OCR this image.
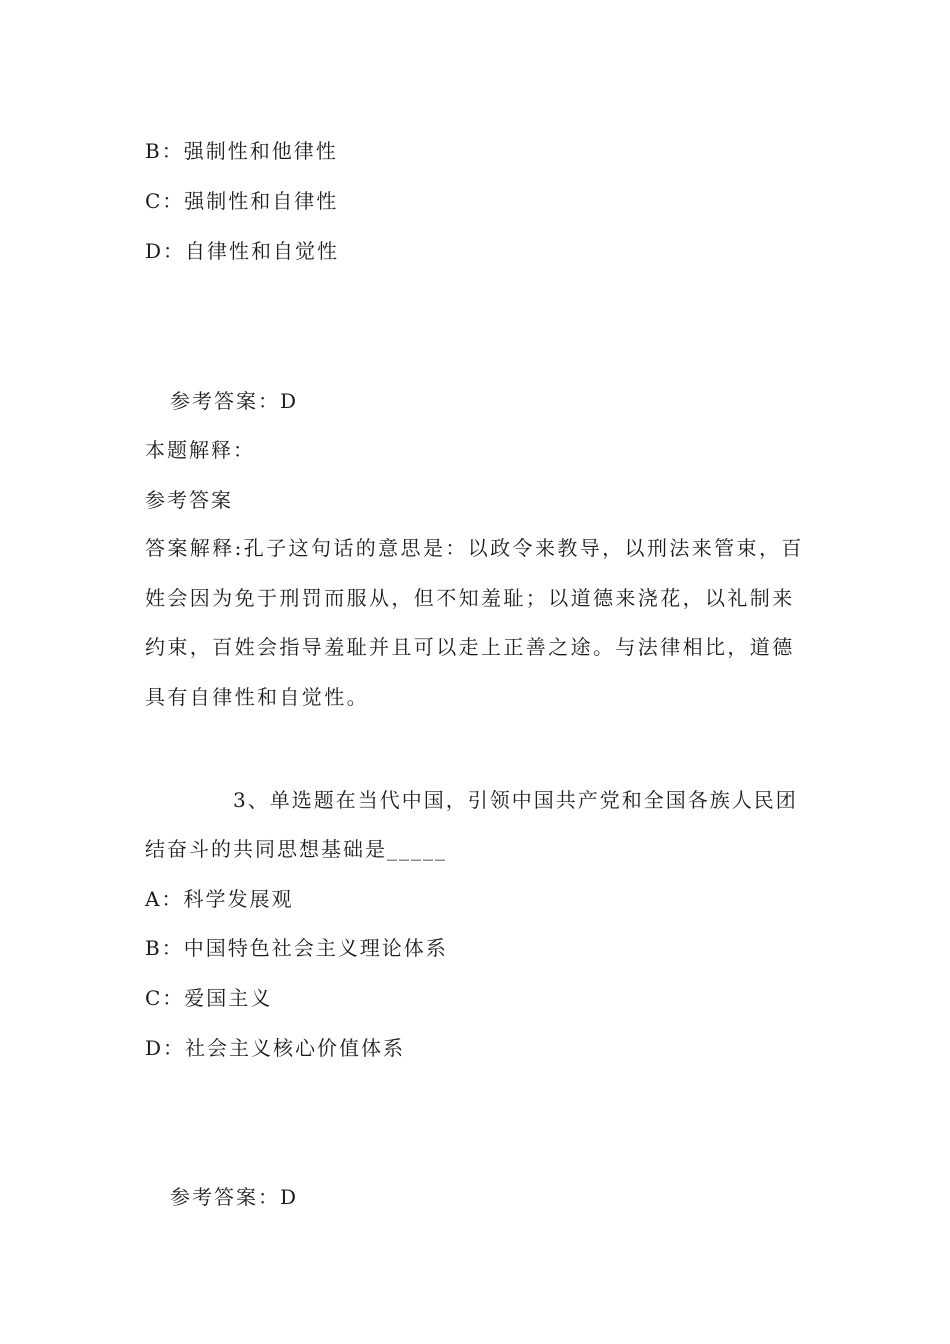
B：强制性和他律性
C：强制性和自律性
D：自律性和自觉性
参考答案：D
本题解释：
参考答案
答案解释:孔子这句话的意思是：以政令来教导，以刑法来管束，百
姓会因为免于刑罚而服从，但不知羞耻；以道德来浇花，以礼制来
约束，百姓会指导羞耻并且可以走上正善之途。与法律相比，道德
具有自律性和自觉性。
3、单选题在当代中国，引领中国共产党和全国各族人民团
结奋斗的共同思想基础是_____
A：科学发展观
B：中国特色社会主义理论体系
C：爱国主义
D：社会主义核心价值体系
参考答案：D
